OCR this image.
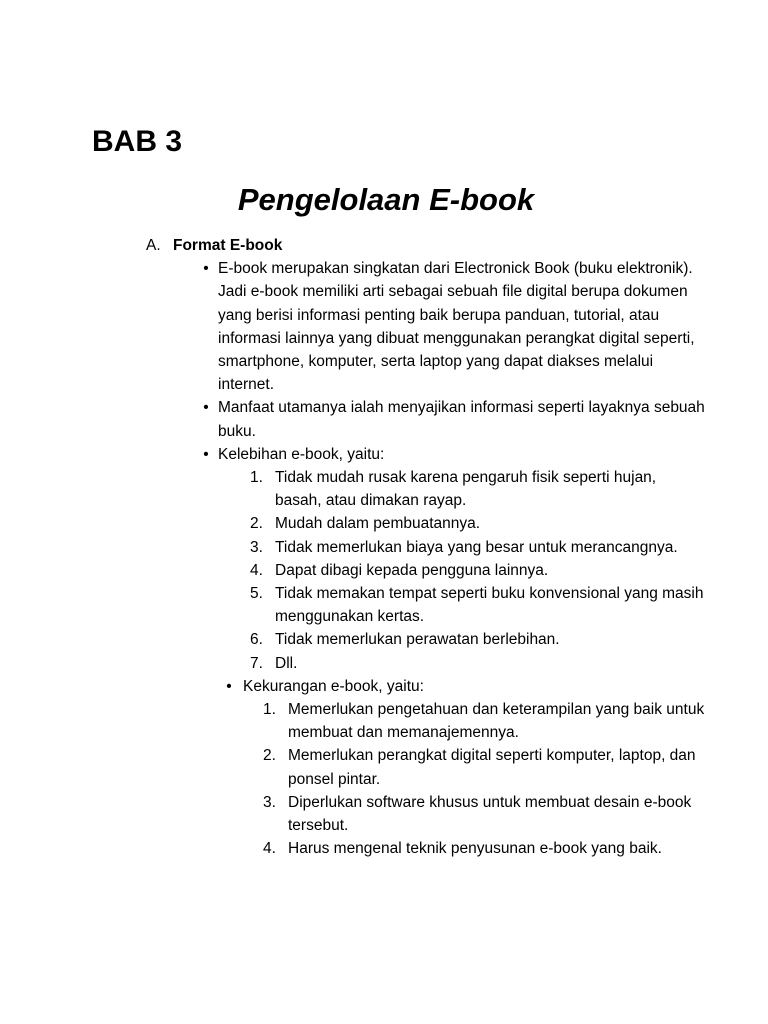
BAB 3
Pengelolaan E-book
A. Format E-book
• E-book merupakan singkatan dari Electronick Book (buku elektronik). Jadi e-book memiliki arti sebagai sebuah file digital berupa dokumen yang berisi informasi penting baik berupa panduan, tutorial, atau informasi lainnya yang dibuat menggunakan perangkat digital seperti, smartphone, komputer, serta laptop yang dapat diakses melalui internet.
• Manfaat utamanya ialah menyajikan informasi seperti layaknya sebuah buku.
• Kelebihan e-book, yaitu:
1. Tidak mudah rusak karena pengaruh fisik seperti hujan, basah, atau dimakan rayap.
2. Mudah dalam pembuatannya.
3. Tidak memerlukan biaya yang besar untuk merancangnya.
4. Dapat dibagi kepada pengguna lainnya.
5. Tidak memakan tempat seperti buku konvensional yang masih menggunakan kertas.
6. Tidak memerlukan perawatan berlebihan.
7. Dll.
• Kekurangan e-book, yaitu:
1. Memerlukan pengetahuan dan keterampilan yang baik untuk membuat dan memanajemennya.
2. Memerlukan perangkat digital seperti komputer, laptop, dan ponsel pintar.
3. Diperlukan software khusus untuk membuat desain e-book tersebut.
4. Harus mengenal teknik penyusunan e-book yang baik.
